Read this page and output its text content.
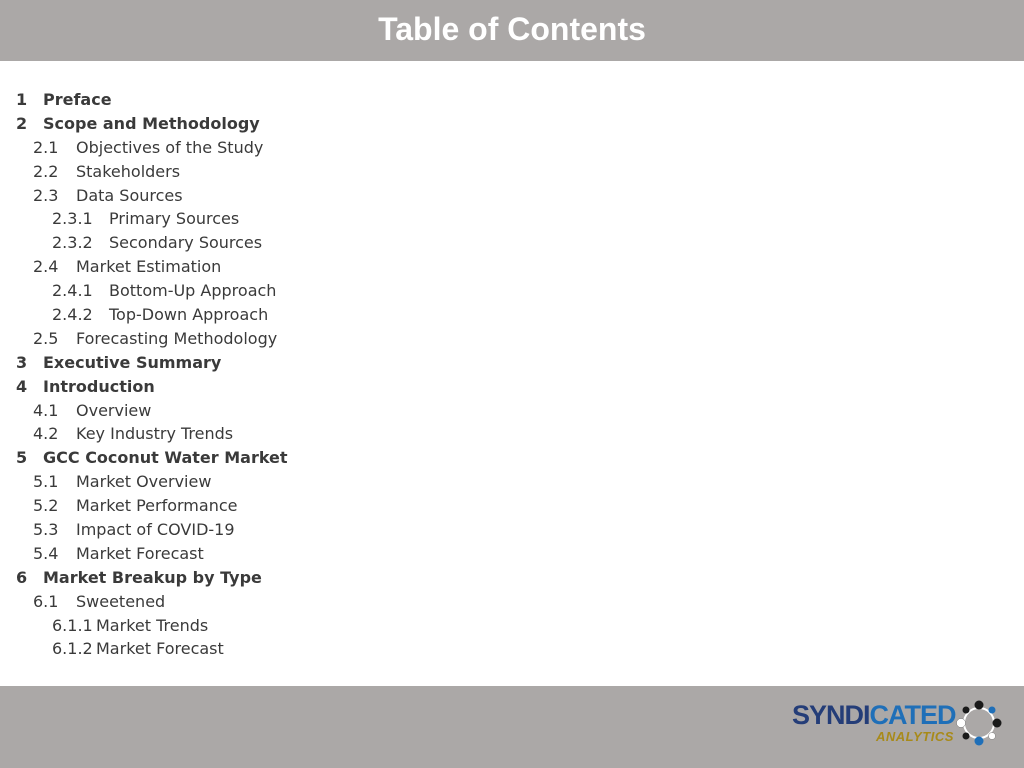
Table of Contents
1 Preface
2 Scope and Methodology
2.1	Objectives of the Study
2.2	Stakeholders
2.3	Data Sources
2.3.1	Primary Sources
2.3.2	Secondary Sources
2.4	Market Estimation
2.4.1	Bottom-Up Approach
2.4.2	Top-Down Approach
2.5	Forecasting Methodology
3 Executive Summary
4 Introduction
4.1	Overview
4.2	Key Industry Trends
5 GCC Coconut Water Market
5.1	Market Overview
5.2	Market Performance
5.3	Impact of COVID-19
5.4	Market Forecast
6 Market Breakup by Type
6.1	Sweetened
6.1.1 Market Trends
6.1.2 Market Forecast
SYNDICATED
ANALYTICS
